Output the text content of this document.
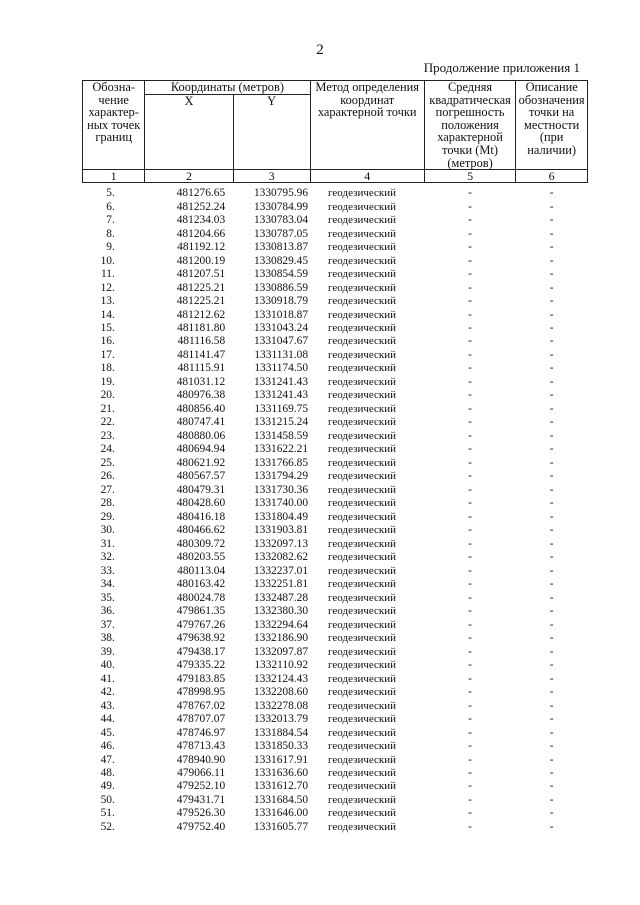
2
Продолжение приложения 1
Обозна-чение характер-ных точек границ	Координаты (метров)		Метод определения координат характерной точки	Средняя квадратическая погрешность положения характерной точки (Mt) (метров)	Описание обозначения точки на местности (при наличии)
	X	Y			
1	2	3	4	5	6
5.	481276.65	1330795.96	геодезический	-	-
6.	481252.24	1330784.99	геодезический	-	-
7.	481234.03	1330783.04	геодезический	-	-
8.	481204.66	1330787.05	геодезический	-	-
9.	481192.12	1330813.87	геодезический	-	-
10.	481200.19	1330829.45	геодезический	-	-
11.	481207.51	1330854.59	геодезический	-	-
12.	481225.21	1330886.59	геодезический	-	-
13.	481225.21	1330918.79	геодезический	-	-
14.	481212.62	1331018.87	геодезический	-	-
15.	481181.80	1331043.24	геодезический	-	-
16.	481116.58	1331047.67	геодезический	-	-
17.	481141.47	1331131.08	геодезический	-	-
18.	481115.91	1331174.50	геодезический	-	-
19.	481031.12	1331241.43	геодезический	-	-
20.	480976.38	1331241.43	геодезический	-	-
21.	480856.40	1331169.75	геодезический	-	-
22.	480747.41	1331215.24	геодезический	-	-
23.	480880.06	1331458.59	геодезический	-	-
24.	480694.94	1331622.21	геодезический	-	-
25.	480621.92	1331766.85	геодезический	-	-
26.	480567.57	1331794.29	геодезический	-	-
27.	480479.31	1331730.36	геодезический	-	-
28.	480428.60	1331740.00	геодезический	-	-
29.	480416.18	1331804.49	геодезический	-	-
30.	480466.62	1331903.81	геодезический	-	-
31.	480309.72	1332097.13	геодезический	-	-
32.	480203.55	1332082.62	геодезический	-	-
33.	480113.04	1332237.01	геодезический	-	-
34.	480163.42	1332251.81	геодезический	-	-
35.	480024.78	1332487.28	геодезический	-	-
36.	479861.35	1332380.30	геодезический	-	-
37.	479767.26	1332294.64	геодезический	-	-
38.	479638.92	1332186.90	геодезический	-	-
39.	479438.17	1332097.87	геодезический	-	-
40.	479335.22	1332110.92	геодезический	-	-
41.	479183.85	1332124.43	геодезический	-	-
42.	478998.95	1332208.60	геодезический	-	-
43.	478767.02	1332278.08	геодезический	-	-
44.	478707.07	1332013.79	геодезический	-	-
45.	478746.97	1331884.54	геодезический	-	-
46.	478713.43	1331850.33	геодезический	-	-
47.	478940.90	1331617.91	геодезический	-	-
48.	479066.11	1331636.60	геодезический	-	-
49.	479252.10	1331612.70	геодезический	-	-
50.	479431.71	1331684.50	геодезический	-	-
51.	479526.30	1331646.00	геодезический	-	-
52.	479752.40	1331605.77	геодезический	-	-
